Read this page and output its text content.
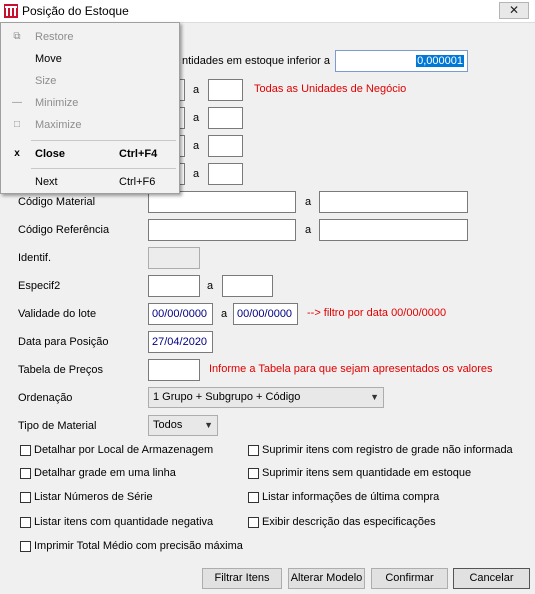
Posição do Estoque	✕
ntidades em estoque inferior a	0,000001
a	Todas as Unidades de Negócio
a
a
a
Código Material	a
Código Referência	a
Identif.
Especif2	a
Validade do lote	00/00/0000	a 00/00/0000	--> filtro por data 00/00/0000
Data para Posição	27/04/2020
Tabela de Preços	Informe a Tabela para que sejam apresentados os valores
Ordenação	1 Grupo + Subgrupo + Código	▼
Tipo de Material	Todos ▼
Detalhar por Local de Armazenagem	Suprimir itens com registro de grade não informada
Detalhar grade em uma linha	Suprimir itens sem quantidade em estoque
Listar Números de Série	Listar informações de última compra
Listar itens com quantidade negativa	Exibir descrição das especificações
Imprimir Total Médio com precisão máxima
Filtrar Itens	Alterar Modelo	Confirmar	Cancelar
⧉	Restore
Move
Size
— Minimize
□	Maximize
x	Close	Ctrl+F4
Next	Ctrl+F6
